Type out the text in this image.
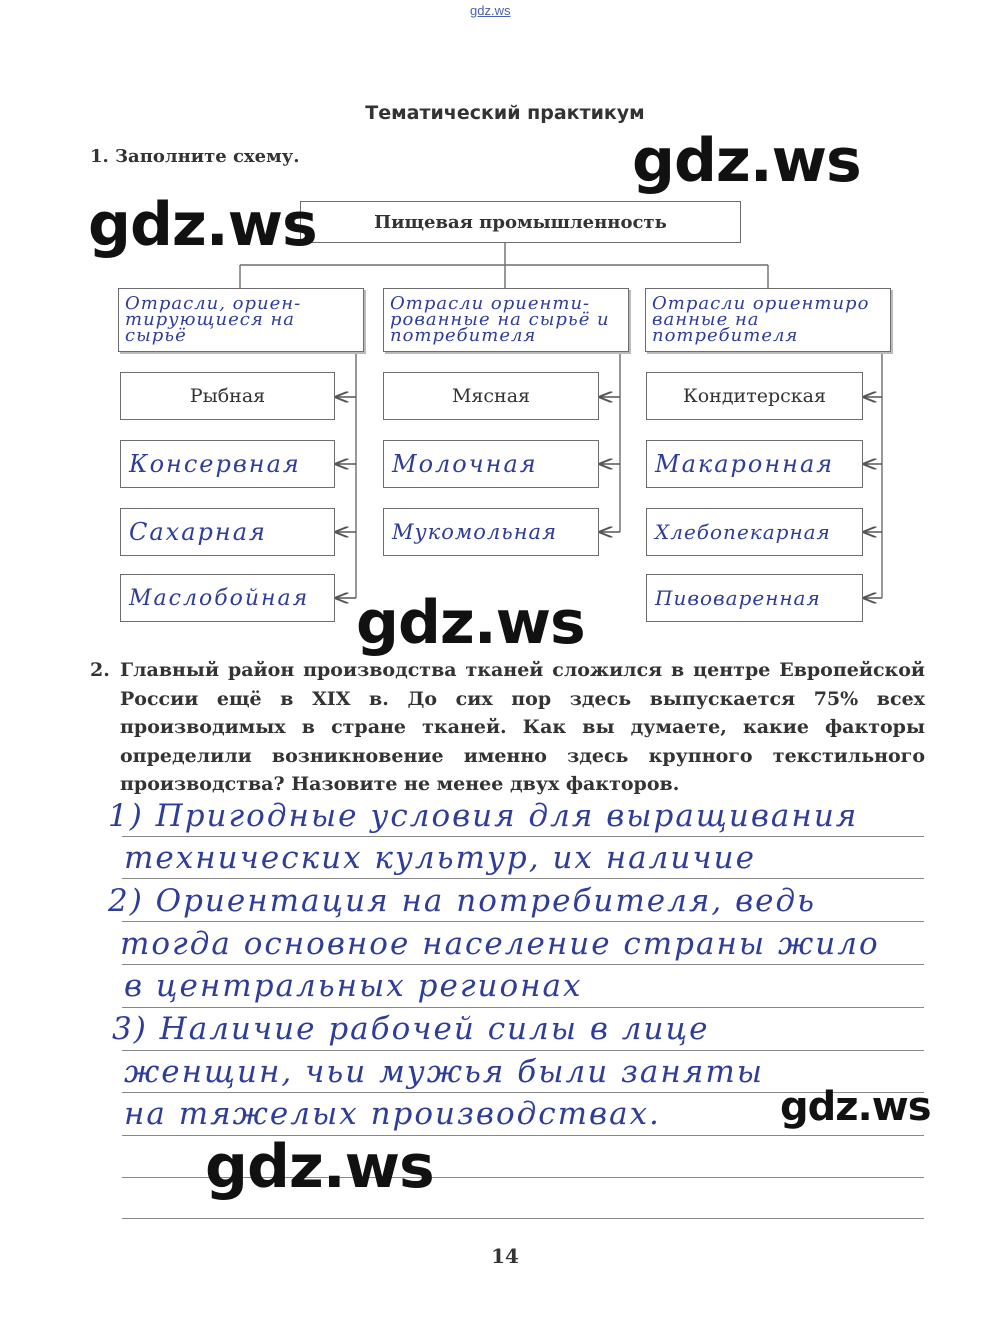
gdz.ws
Тематический практикум
1. Заполните схему.
Пищевая промышленность
Отрасли, ориен-тирующиеся на сырьё
Отрасли ориенти-рованные на сырьё и потребителя
Отрасли ориентиро ванные на потребителя
Рыбная
Консервная
Сахарная
Маслобойная
Мясная
Молочная
Мукомольная
Кондитерская
Макаронная
Хлебопекарная
Пивоваренная
2. Главный район производства тканей сложился в центре Европейской России ещё в XIX в. До сих пор здесь выпускается 75% всех производимых в стране тканей. Как вы думаете, какие факторы определили возникновение именно здесь крупного текстильного производства? Назовите не менее двух факторов.
1) Пригодные условия для выращивания
технических культур, их наличие
2) Ориентация на потребителя, ведь
тогда основное население страны жило
в центральных регионах
3) Наличие рабочей силы в лице
женщин, чьи мужья были заняты
на тяжелых производствах.
gdz.ws
gdz.ws
gdz.ws
gdz.ws
gdz.ws
14
